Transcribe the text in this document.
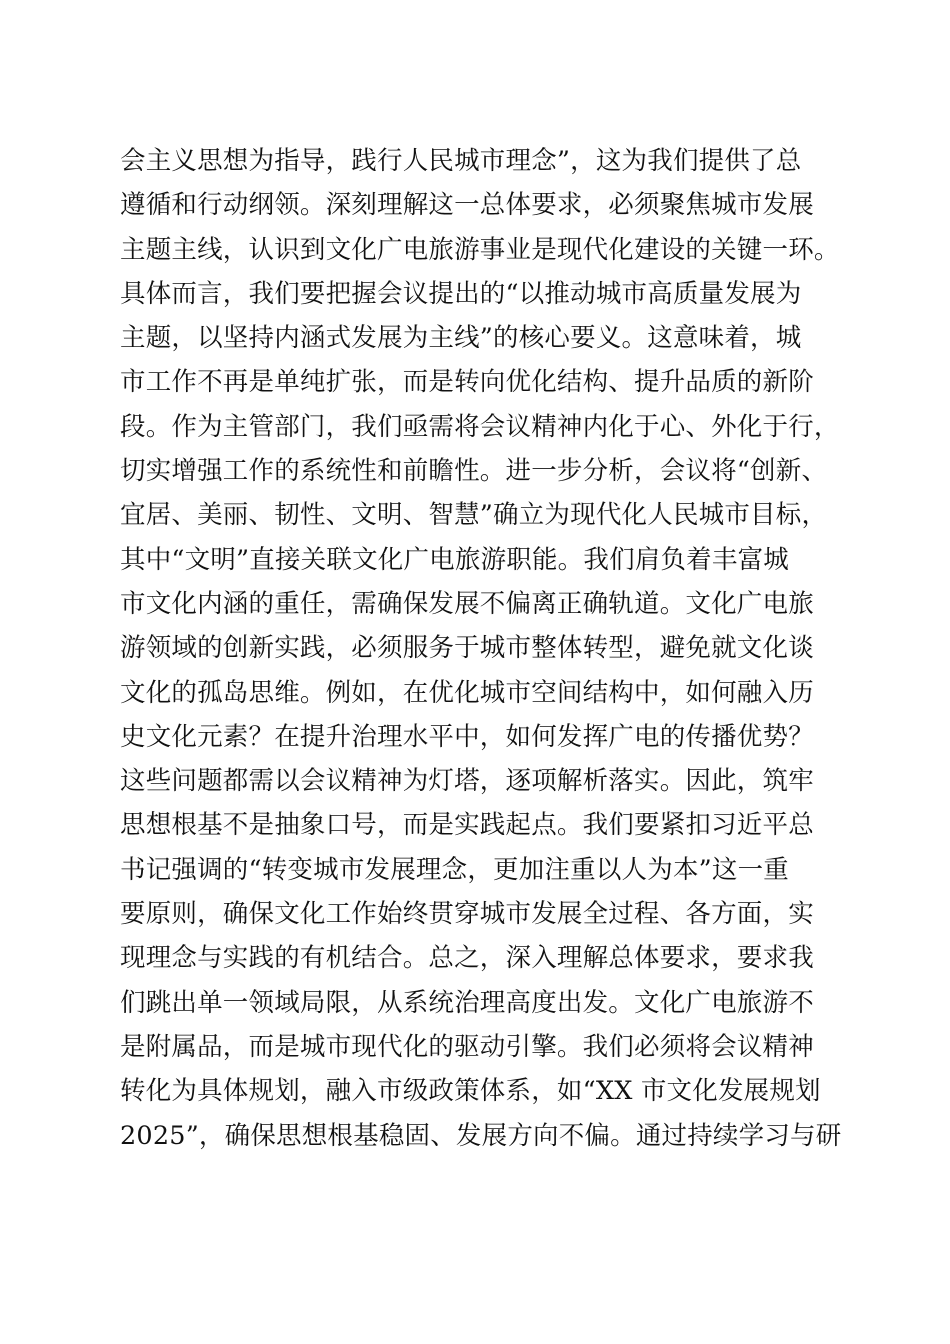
会主义思想为指导，践行人民城市理念”，这为我们提供了总
遵循和行动纲领。深刻理解这一总体要求，必须聚焦城市发展
主题主线，认识到文化广电旅游事业是现代化建设的关键一环。
具体而言，我们要把握会议提出的“以推动城市高质量发展为
主题，以坚持内涵式发展为主线”的核心要义。这意味着，城
市工作不再是单纯扩张，而是转向优化结构、提升品质的新阶
段。作为主管部门，我们亟需将会议精神内化于心、外化于行，
切实增强工作的系统性和前瞻性。进一步分析，会议将“创新、
宜居、美丽、韧性、文明、智慧”确立为现代化人民城市目标，
其中“文明”直接关联文化广电旅游职能。我们肩负着丰富城
市文化内涵的重任，需确保发展不偏离正确轨道。文化广电旅
游领域的创新实践，必须服务于城市整体转型，避免就文化谈
文化的孤岛思维。例如，在优化城市空间结构中，如何融入历
史文化元素？在提升治理水平中，如何发挥广电的传播优势？
这些问题都需以会议精神为灯塔，逐项解析落实。因此，筑牢
思想根基不是抽象口号，而是实践起点。我们要紧扣习近平总
书记强调的“转变城市发展理念，更加注重以人为本”这一重
要原则，确保文化工作始终贯穿城市发展全过程、各方面，实
现理念与实践的有机结合。总之，深入理解总体要求，要求我
们跳出单一领域局限，从系统治理高度出发。文化广电旅游不
是附属品，而是城市现代化的驱动引擎。我们必须将会议精神
转化为具体规划，融入市级政策体系，如“XX 市文化发展规划
2025”，确保思想根基稳固、发展方向不偏。通过持续学习与研
